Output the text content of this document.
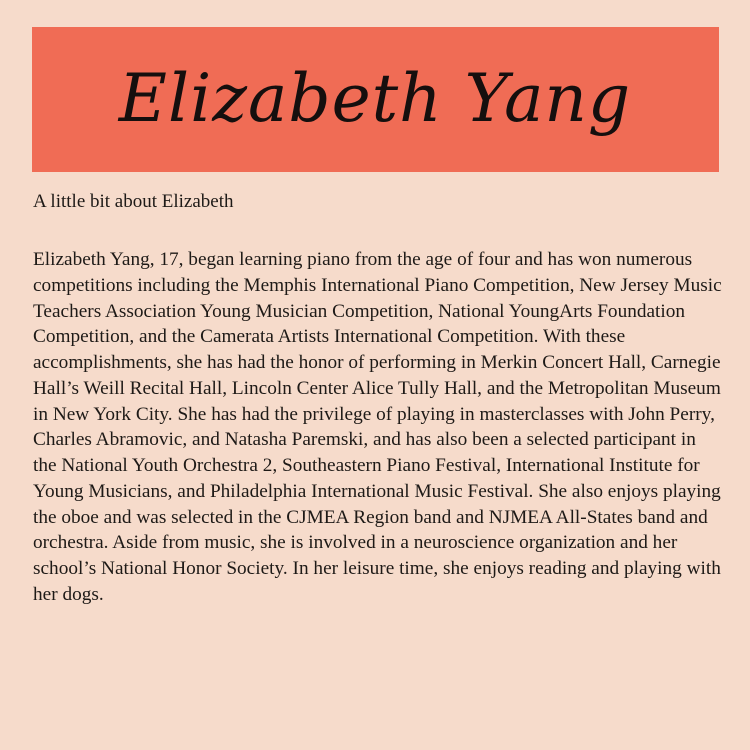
Elizabeth Yang

A little bit about Elizabeth

Elizabeth Yang, 17, began learning piano from the age of four and has won numerous competitions including the Memphis International Piano Competition, New Jersey Music Teachers Association Young Musician Competition, National YoungArts Foundation Competition, and the Camerata Artists International Competition. With these accomplishments, she has had the honor of performing in Merkin Concert Hall, Carnegie Hall’s Weill Recital Hall, Lincoln Center Alice Tully Hall, and the Metropolitan Museum in New York City. She has had the privilege of playing in masterclasses with John Perry, Charles Abramovic, and Natasha Paremski, and has also been a selected participant in the National Youth Orchestra 2, Southeastern Piano Festival, International Institute for Young Musicians, and Philadelphia International Music Festival. She also enjoys playing the oboe and was selected in the CJMEA Region band and NJMEA All-States band and orchestra. Aside from music, she is involved in a neuroscience organization and her school’s National Honor Society. In her leisure time, she enjoys reading and playing with her dogs.
